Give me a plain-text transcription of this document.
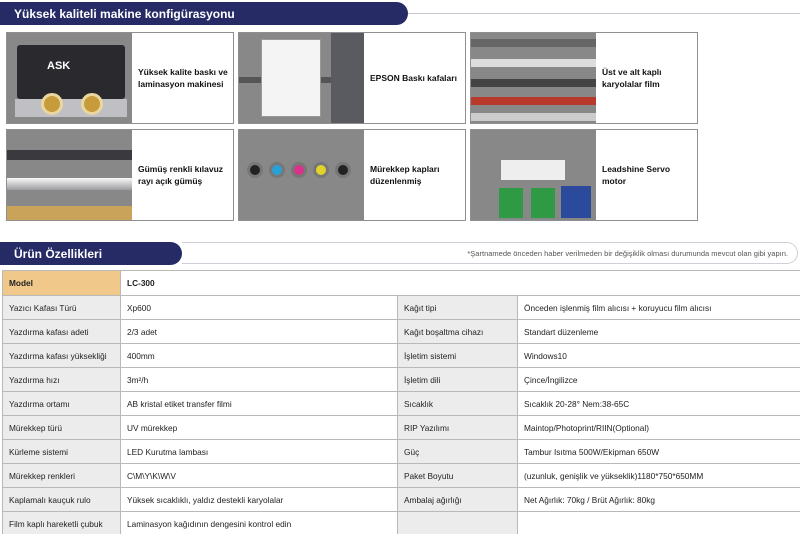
Yüksek kaliteli makine konfigürasyonu
ASK	Yüksek kalite baskı ve laminasyon makinesi
EPSON Baskı kafaları
Üst ve alt kaplı karyolalar film
Gümüş renkli kılavuz rayı açık gümüş
Mürekkep kapları düzenlenmiş
Leadshine Servo motor
Ürün Özellikleri	*Şartnamede önceden haber verilmeden bir değişiklik olması durumunda mevcut olan gibi yapın.
Model	LC-300		
Yazıcı Kafası Türü	Xp600	Kağıt tipi	Önceden işlenmiş film alıcısı + koruyucu film alıcısı
Yazdırma kafası adeti	2/3 adet	Kağıt boşaltma cihazı	Standart düzenleme
Yazdırma kafası yüksekliği	400mm	İşletim sistemi	Windows10
Yazdırma hızı	3m²/h	İşletim dili	Çince/İngilizce
Yazdırma ortamı	AB kristal etiket transfer filmi	Sıcaklık	Sıcaklık 20-28° Nem:38-65C
Mürekkep türü	UV mürekkep	RIP Yazılımı	Maintop/Photoprint/RIIN(Optional)
Kürleme sistemi	LED Kurutma lambası	Güç	Tambur Isıtma 500W/Ekipman 650W
Mürekkep renkleri	C\M\Y\K\W\V	Paket Boyutu	(uzunluk, genişlik ve yükseklik)1180*750*650MM
Kaplamalı kauçuk rulo	Yüksek sıcaklıklı, yaldız destekli karyolalar	Ambalaj ağırlığı	Net Ağırlık: 70kg / Brüt Ağırlık: 80kg
Film kaplı hareketli çubuk	Laminasyon kağıdının dengesini kontrol edin		
